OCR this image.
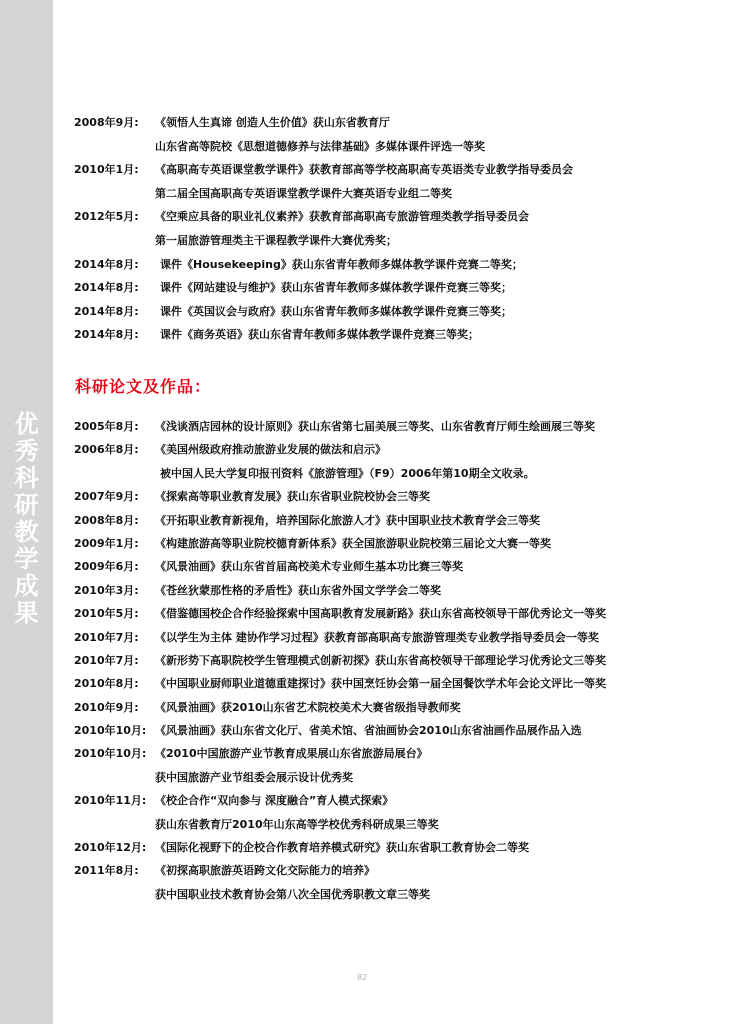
优
秀
科
研
教
学
成
果
2008年9月: 《领悟人生真谛 创造人生价值》获山东省教育厅
山东省高等院校《思想道德修养与法律基础》多媒体课件评选一等奖
2010年1月: 《高职高专英语课堂教学课件》获教育部高等学校高职高专英语类专业教学指导委员会
第二届全国高职高专英语课堂教学课件大赛英语专业组二等奖
2012年5月: 《空乘应具备的职业礼仪素养》获教育部高职高专旅游管理类教学指导委员会
第一届旅游管理类主干课程教学课件大赛优秀奖；
2014年8月: 课件《Housekeeping》获山东省青年教师多媒体教学课件竞赛二等奖；
2014年8月: 课件《网站建设与维护》获山东省青年教师多媒体教学课件竞赛三等奖；
2014年8月: 课件《英国议会与政府》获山东省青年教师多媒体教学课件竞赛三等奖；
2014年8月: 课件《商务英语》获山东省青年教师多媒体教学课件竞赛三等奖；
科研论文及作品：
2005年8月: 《浅谈酒店园林的设计原则》获山东省第七届美展三等奖、山东省教育厅师生绘画展三等奖
2006年8月: 《美国州级政府推动旅游业发展的做法和启示》
被中国人民大学复印报刊资料《旅游管理》（F9）2006年第10期全文收录。
2007年9月: 《探索高等职业教育发展》获山东省职业院校协会三等奖
2008年8月: 《开拓职业教育新视角，培养国际化旅游人才》获中国职业技术教育学会三等奖
2009年1月: 《构建旅游高等职业院校德育新体系》获全国旅游职业院校第三届论文大赛一等奖
2009年6月: 《风景油画》获山东省首届高校美术专业师生基本功比赛三等奖
2010年3月: 《苍丝狄蒙那性格的矛盾性》获山东省外国文学学会二等奖
2010年5月: 《借鉴德国校企合作经验探索中国高职教育发展新路》获山东省高校领导干部优秀论文一等奖
2010年7月: 《以学生为主体 建协作学习过程》获教育部高职高专旅游管理类专业教学指导委员会一等奖
2010年7月: 《新形势下高职院校学生管理模式创新初探》获山东省高校领导干部理论学习优秀论文三等奖
2010年8月: 《中国职业厨师职业道德重建探讨》获中国烹饪协会第一届全国餐饮学术年会论文评比一等奖
2010年9月: 《风景油画》获2010山东省艺术院校美术大赛省级指导教师奖
2010年10月: 《风景油画》获山东省文化厅、省美术馆、省油画协会2010山东省油画作品展作品入选
2010年10月: 《2010中国旅游产业节教育成果展山东省旅游局展台》
获中国旅游产业节组委会展示设计优秀奖
2010年11月: 《校企合作“双向参与 深度融合”育人模式探索》
获山东省教育厅2010年山东高等学校优秀科研成果三等奖
2010年12月: 《国际化视野下的企校合作教育培养模式研究》获山东省职工教育协会二等奖
2011年8月: 《初探高职旅游英语跨文化交际能力的培养》
获中国职业技术教育协会第八次全国优秀职教文章三等奖
82
